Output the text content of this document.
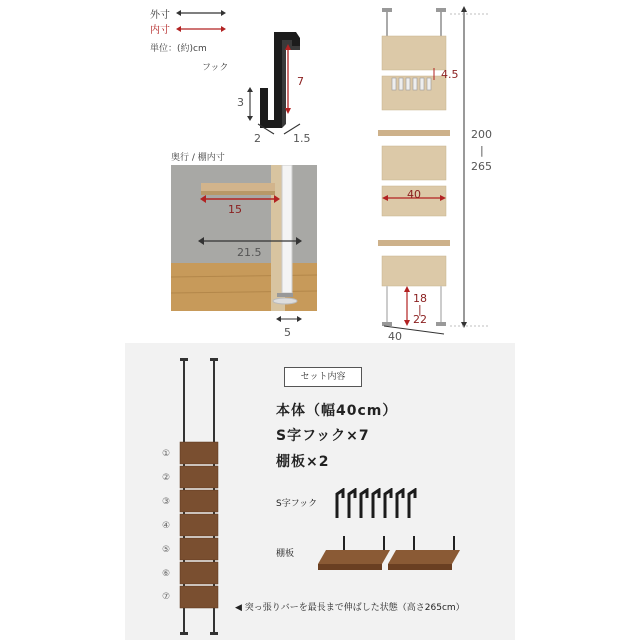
外寸
内寸
単位：(約)cm
フック
7
3
2	1.5
奥行 / 棚内寸
15
21.5
5
4.5
40
200
|
265
18
|
22
40
①
②
③
④
⑤
⑥
⑦
セット内容
本体（幅40cm）
S字フック×7
棚板×2
S字フック
棚板
◀ 突っ張りバーを最長まで伸ばした状態（高さ265cm）
